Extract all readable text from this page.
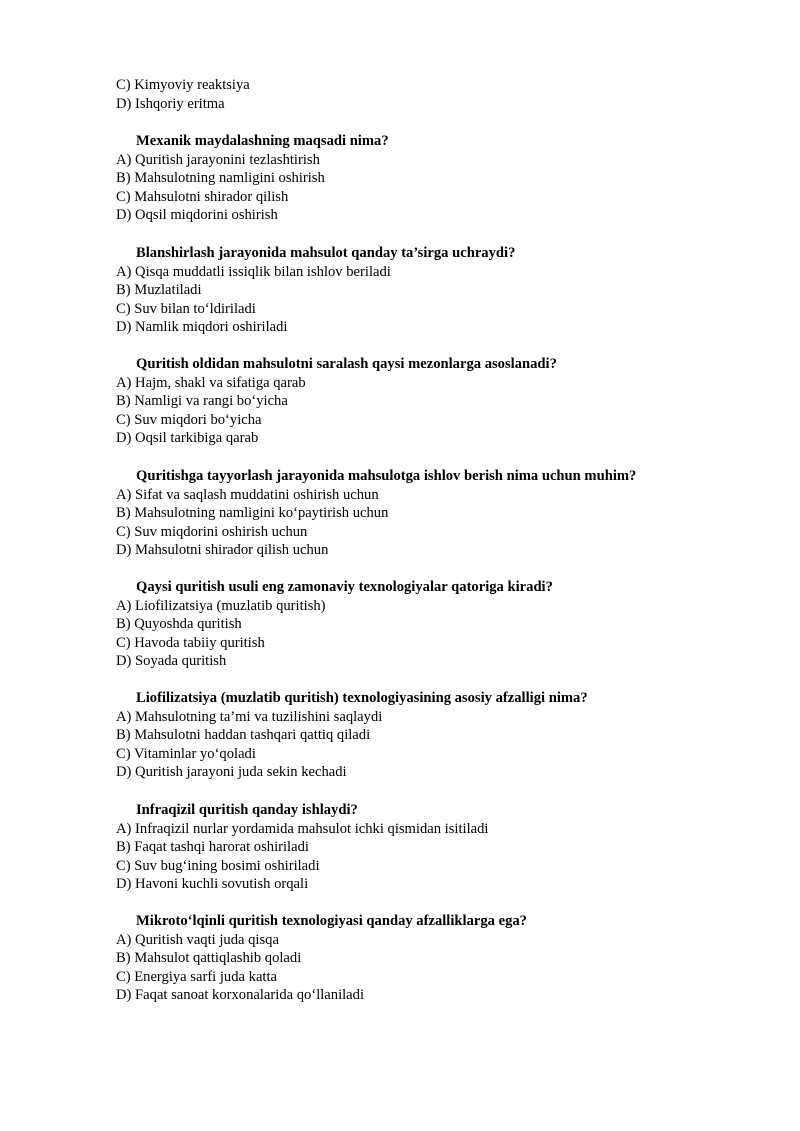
C) Kimyoviy reaktsiya

D) Ishqoriy eritma

Mexanik maydalashning maqsadi nima?

A) Quritish jarayonini tezlashtirish

B) Mahsulotning namligini oshirish

C) Mahsulotni shirador qilish

D) Oqsil miqdorini oshirish

Blanshirlash jarayonida mahsulot qanday ta’sirga uchraydi?

A) Qisqa muddatli issiqlik bilan ishlov beriladi

B) Muzlatiladi

C) Suv bilan to‘ldiriladi

D) Namlik miqdori oshiriladi

Quritish oldidan mahsulotni saralash qaysi mezonlarga asoslanadi?

A) Hajm, shakl va sifatiga qarab

B) Namligi va rangi bo‘yicha

C) Suv miqdori bo‘yicha

D) Oqsil tarkibiga qarab

Quritishga tayyorlash jarayonida mahsulotga ishlov berish nima uchun muhim?

A) Sifat va saqlash muddatini oshirish uchun

B) Mahsulotning namligini ko‘paytirish uchun

C) Suv miqdorini oshirish uchun

D) Mahsulotni shirador qilish uchun

Qaysi quritish usuli eng zamonaviy texnologiyalar qatoriga kiradi?

A) Liofilizatsiya (muzlatib quritish)

B) Quyoshda quritish

C) Havoda tabiiy quritish

D) Soyada quritish

Liofilizatsiya (muzlatib quritish) texnologiyasining asosiy afzalligi nima?

A) Mahsulotning ta’mi va tuzilishini saqlaydi

B) Mahsulotni haddan tashqari qattiq qiladi

C) Vitaminlar yo‘qoladi

D) Quritish jarayoni juda sekin kechadi

Infraqizil quritish qanday ishlaydi?

A) Infraqizil nurlar yordamida mahsulot ichki qismidan isitiladi

B) Faqat tashqi harorat oshiriladi

C) Suv bug‘ining bosimi oshiriladi

D) Havoni kuchli sovutish orqali

Mikroto‘lqinli quritish texnologiyasi qanday afzalliklarga ega?

A) Quritish vaqti juda qisqa

B) Mahsulot qattiqlashib qoladi

C) Energiya sarfi juda katta

D) Faqat sanoat korxonalarida qo‘llaniladi
